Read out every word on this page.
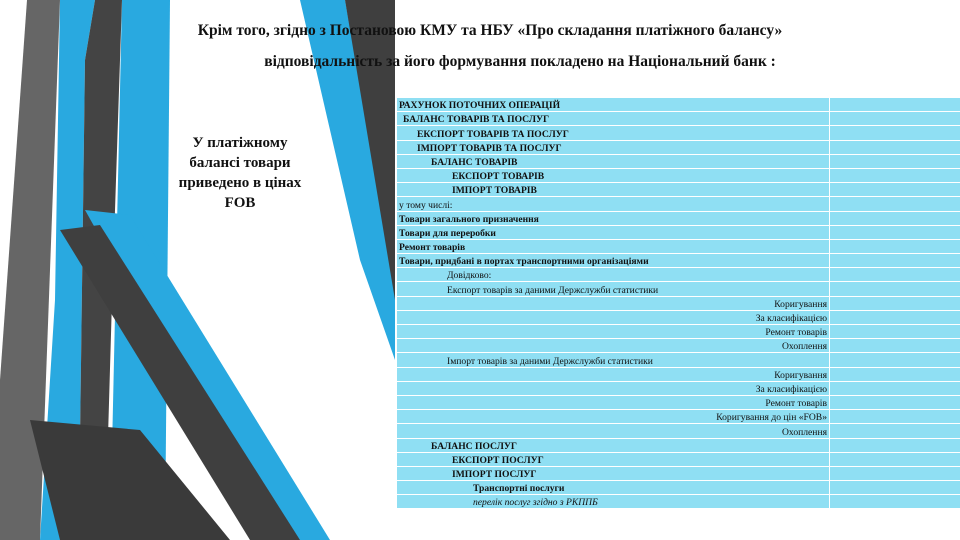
Крім того, згідно з Постановою КМУ та НБУ «Про складання платіжного балансу»

відповідальність за його формування покладено на Національний банк :

У платіжному
балансі товари
приведено в цінах
FOB
РАХУНОК ПОТОЧНИХ ОПЕРАЦІЙ	
БАЛАНС ТОВАРІВ ТА ПОСЛУГ	
ЕКСПОРТ ТОВАРІВ ТА ПОСЛУГ	
ІМПОРТ ТОВАРІВ ТА ПОСЛУГ	
БАЛАНС ТОВАРІВ	
ЕКСПОРТ ТОВАРІВ	
ІМПОРТ ТОВАРІВ	
у тому числі:	
Товари загального призначення	
Товари для переробки	
Ремонт товарів	
Товари, придбані в портах транспортними організаціями	
Довідково:	
Експорт товарів за даними Держслужби статистики	
Коригування	
За класифікацією	
Ремонт товарів	
Охоплення	
Імпорт товарів за даними Держслужби статистики	
Коригування	
За класифікацією	
Ремонт товарів	
Коригування до цін «FOB»	
Охоплення	
БАЛАНС ПОСЛУГ	
ЕКСПОРТ ПОСЛУГ	
ІМПОРТ ПОСЛУГ	
Транспортні послуги	
перелік послуг згідно з РКППБ	
